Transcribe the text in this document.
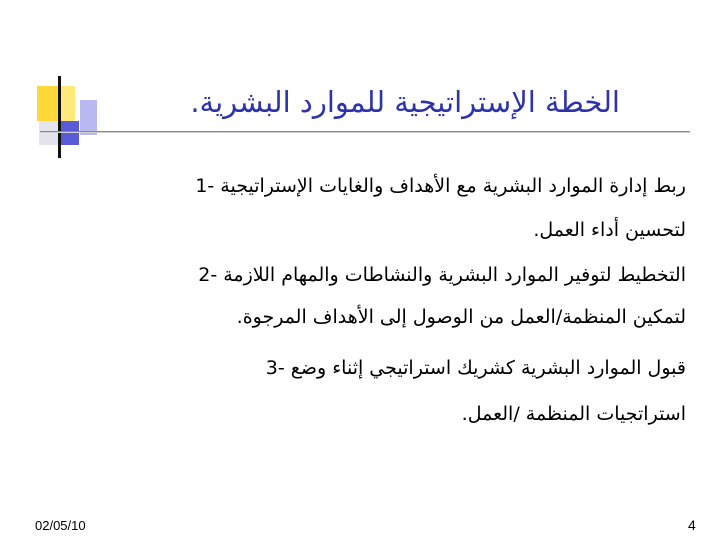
الخطة الإستراتيجية للموارد البشرية.
ربط إدارة الموارد البشرية مع الأهداف والغايات الإستراتيجية -1
لتحسين أداء العمل.
التخطيط لتوفير الموارد البشرية والنشاطات والمهام اللازمة -2
لتمكين المنظمة/العمل من الوصول إلى الأهداف المرجوة.
قبول الموارد البشرية كشريك استراتيجي إثناء وضع -3
استراتجيات المنظمة /العمل.
02/05/10	4
